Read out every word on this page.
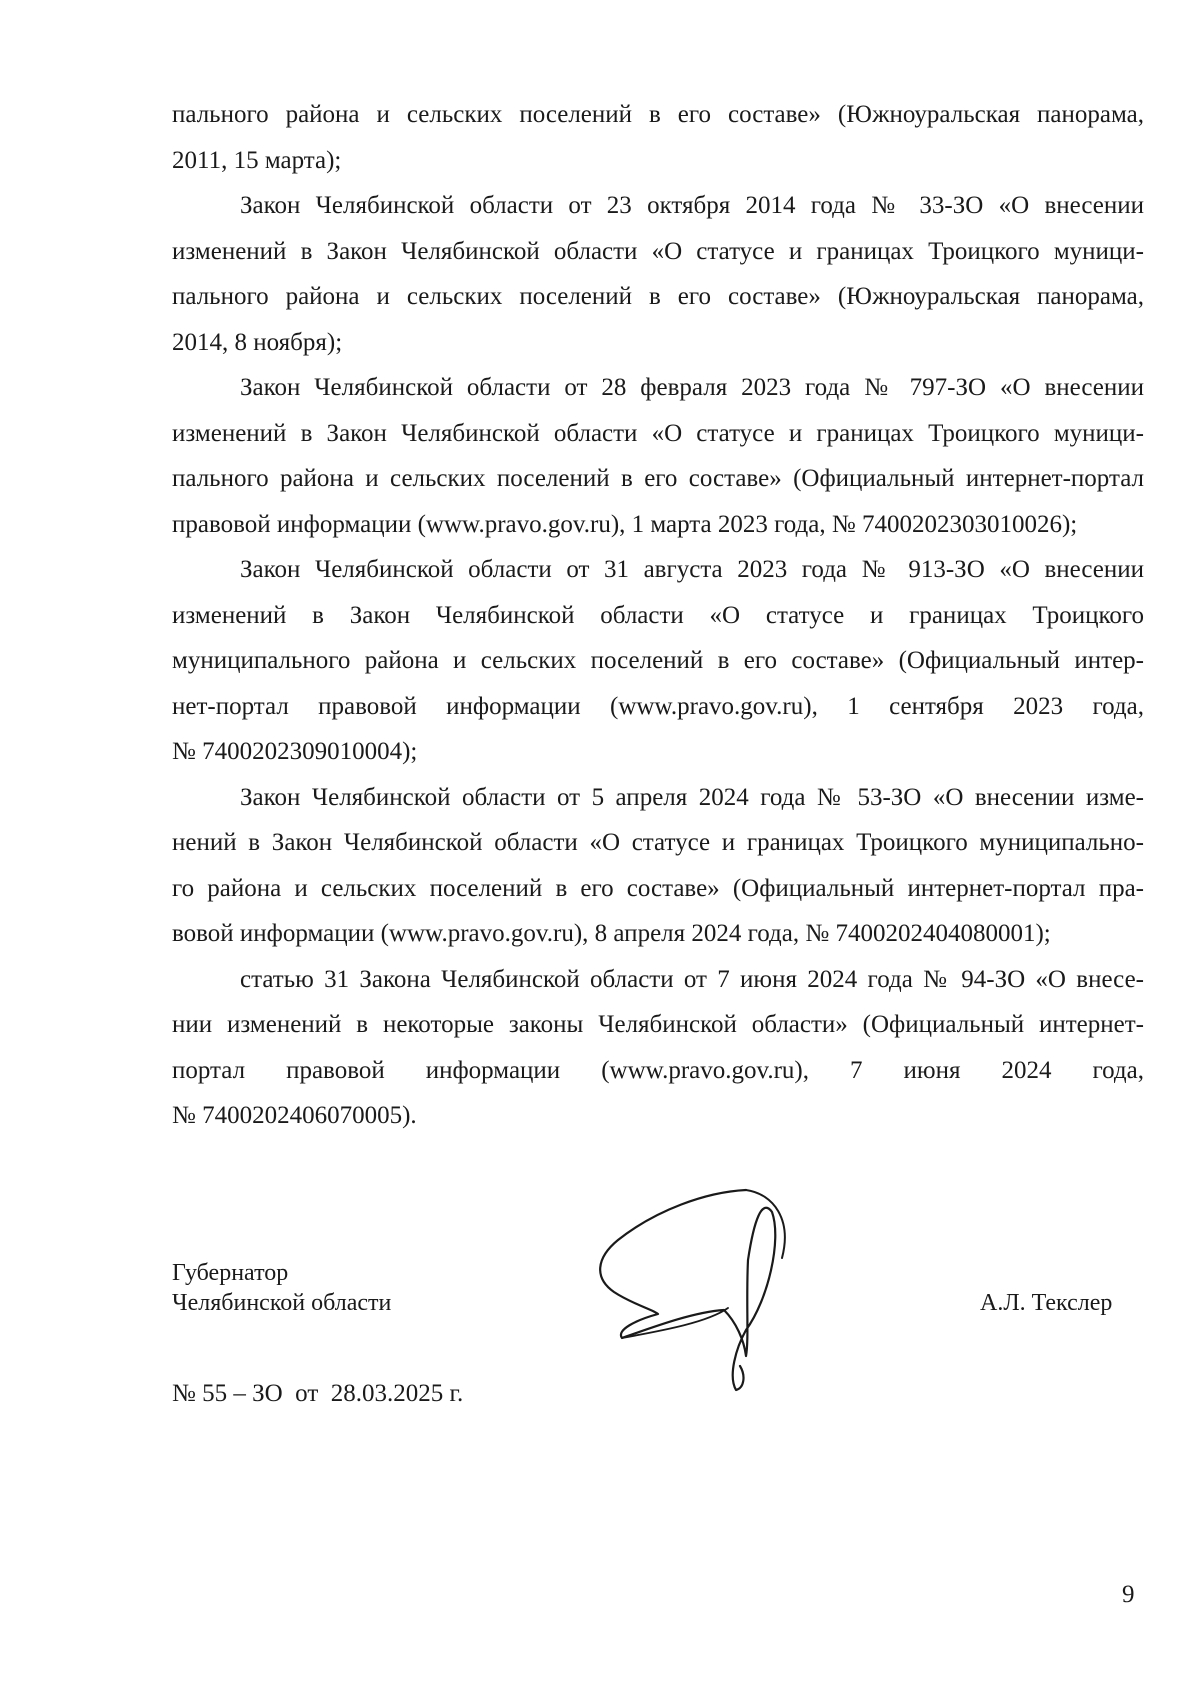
пального района и сельских поселений в его составе» (Южноуральская панорама,
2011, 15 марта);

Закон Челябинской области от 23 октября 2014 года № 33-ЗО «О внесении
изменений в Закон Челябинской области «О статусе и границах Троицкого муници-
пального района и сельских поселений в его составе» (Южноуральская панорама,
2014, 8 ноября);

Закон Челябинской области от 28 февраля 2023 года № 797-ЗО «О внесении
изменений в Закон Челябинской области «О статусе и границах Троицкого муници-
пального района и сельских поселений в его составе» (Официальный интернет-портал
правовой информации (www.pravo.gov.ru), 1 марта 2023 года, № 7400202303010026);

Закон Челябинской области от 31 августа 2023 года № 913-ЗО «О внесении
изменений в Закон Челябинской области «О статусе и границах Троицкого
муниципального района и сельских поселений в его составе» (Официальный интер-
нет-портал правовой информации (www.pravo.gov.ru), 1 сентября 2023 года,
№ 7400202309010004);

Закон Челябинской области от 5 апреля 2024 года № 53-ЗО «О внесении изме-
нений в Закон Челябинской области «О статусе и границах Троицкого муниципально-
го района и сельских поселений в его составе» (Официальный интернет-портал пра-
вовой информации (www.pravo.gov.ru), 8 апреля 2024 года, № 7400202404080001);

статью 31 Закона Челябинской области от 7 июня 2024 года № 94-ЗО «О внесе-
нии изменений в некоторые законы Челябинской области» (Официальный интернет-
портал правовой информации (www.pravo.gov.ru), 7 июня 2024 года,
№ 7400202406070005).

Губернатор
Челябинской области	А.Л. Текслер
№ 55 – ЗО  от  28.03.2025 г.
9
